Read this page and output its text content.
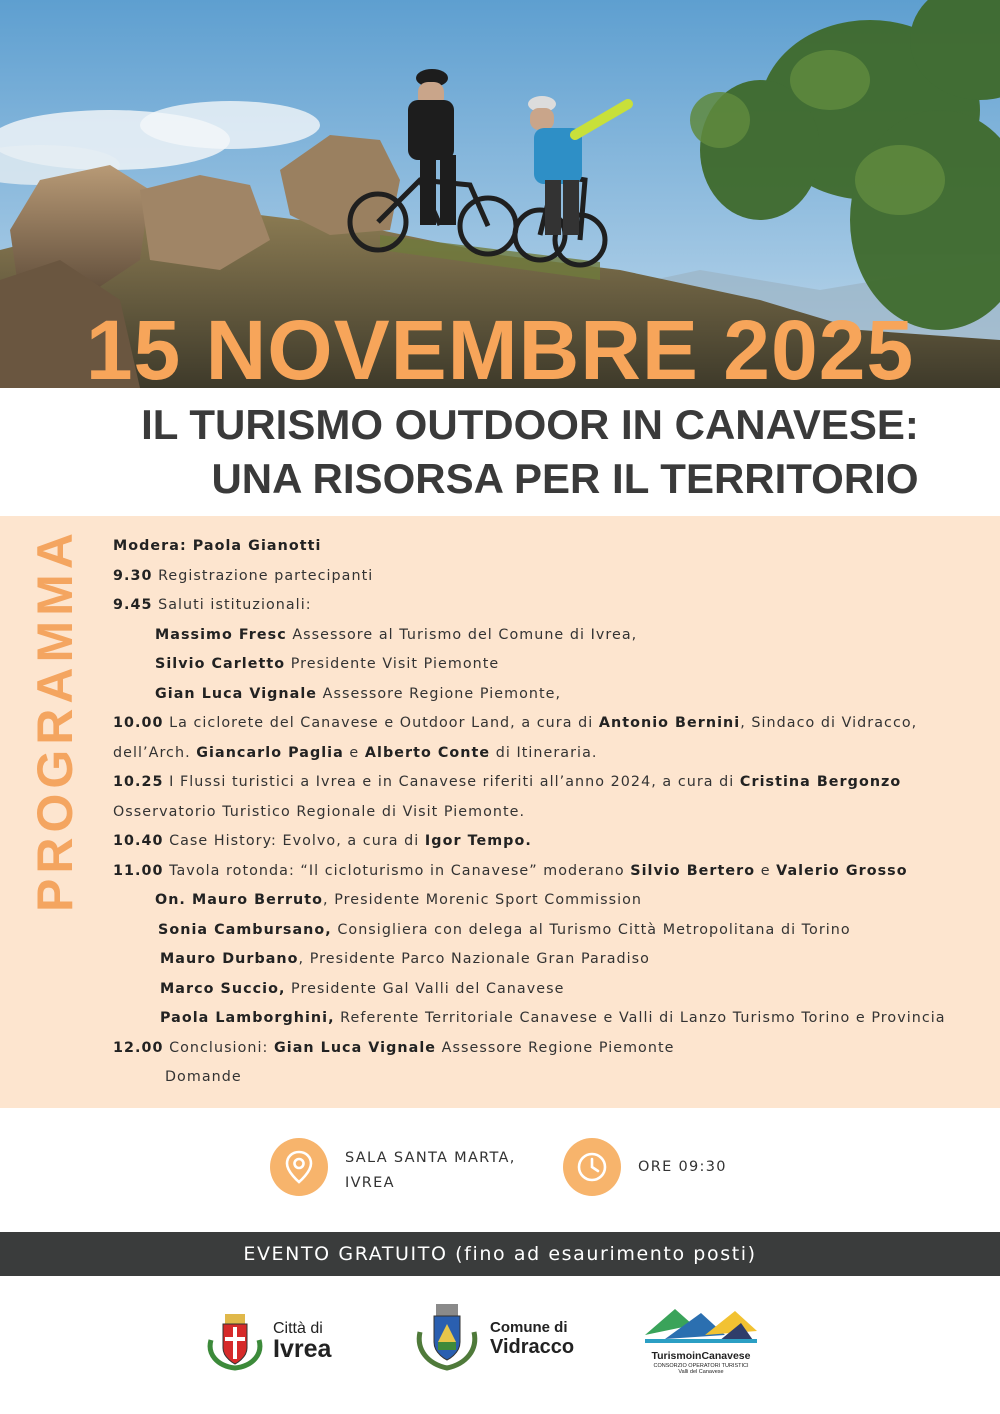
15 NOVEMBRE 2025
IL TURISMO OUTDOOR IN CANAVESE:
UNA RISORSA PER IL TERRITORIO
PROGRAMMA Modera: Paola Gianotti
9.30 Registrazione partecipanti
9.45 Saluti istituzionali:
Massimo Fresc Assessore al Turismo del Comune di Ivrea,
Silvio Carletto Presidente Visit Piemonte
Gian Luca Vignale Assessore Regione Piemonte,
10.00 La ciclorete del Canavese e Outdoor Land, a cura di Antonio Bernini, Sindaco di Vidracco,
dell’Arch. Giancarlo Paglia e Alberto Conte di Itineraria.
10.25 I Flussi turistici a Ivrea e in Canavese riferiti all’anno 2024, a cura di Cristina Bergonzo
Osservatorio Turistico Regionale di Visit Piemonte.
10.40 Case History: Evolvo, a cura di Igor Tempo.
11.00 Tavola rotonda: “Il cicloturismo in Canavese” moderano Silvio Bertero e Valerio Grosso
On. Mauro Berruto, Presidente Morenic Sport Commission
Sonia Cambursano, Consigliera con delega al Turismo Città Metropolitana di Torino
Mauro Durbano, Presidente Parco Nazionale Gran Paradiso
Marco Succio, Presidente Gal Valli del Canavese
Paola Lamborghini, Referente Territoriale Canavese e Valli di Lanzo Turismo Torino e Provincia
12.00 Conclusioni: Gian Luca Vignale Assessore Regione Piemonte
Domande
SALA SANTA MARTA,
IVREA
ORE 09:30
EVENTO GRATUITO (fino ad esaurimento posti)
Città di
Ivrea
Comune di
Vidracco	TurismoinCanavese
CONSORZIO OPERATORI TURISTICI
Valli del Canavese
